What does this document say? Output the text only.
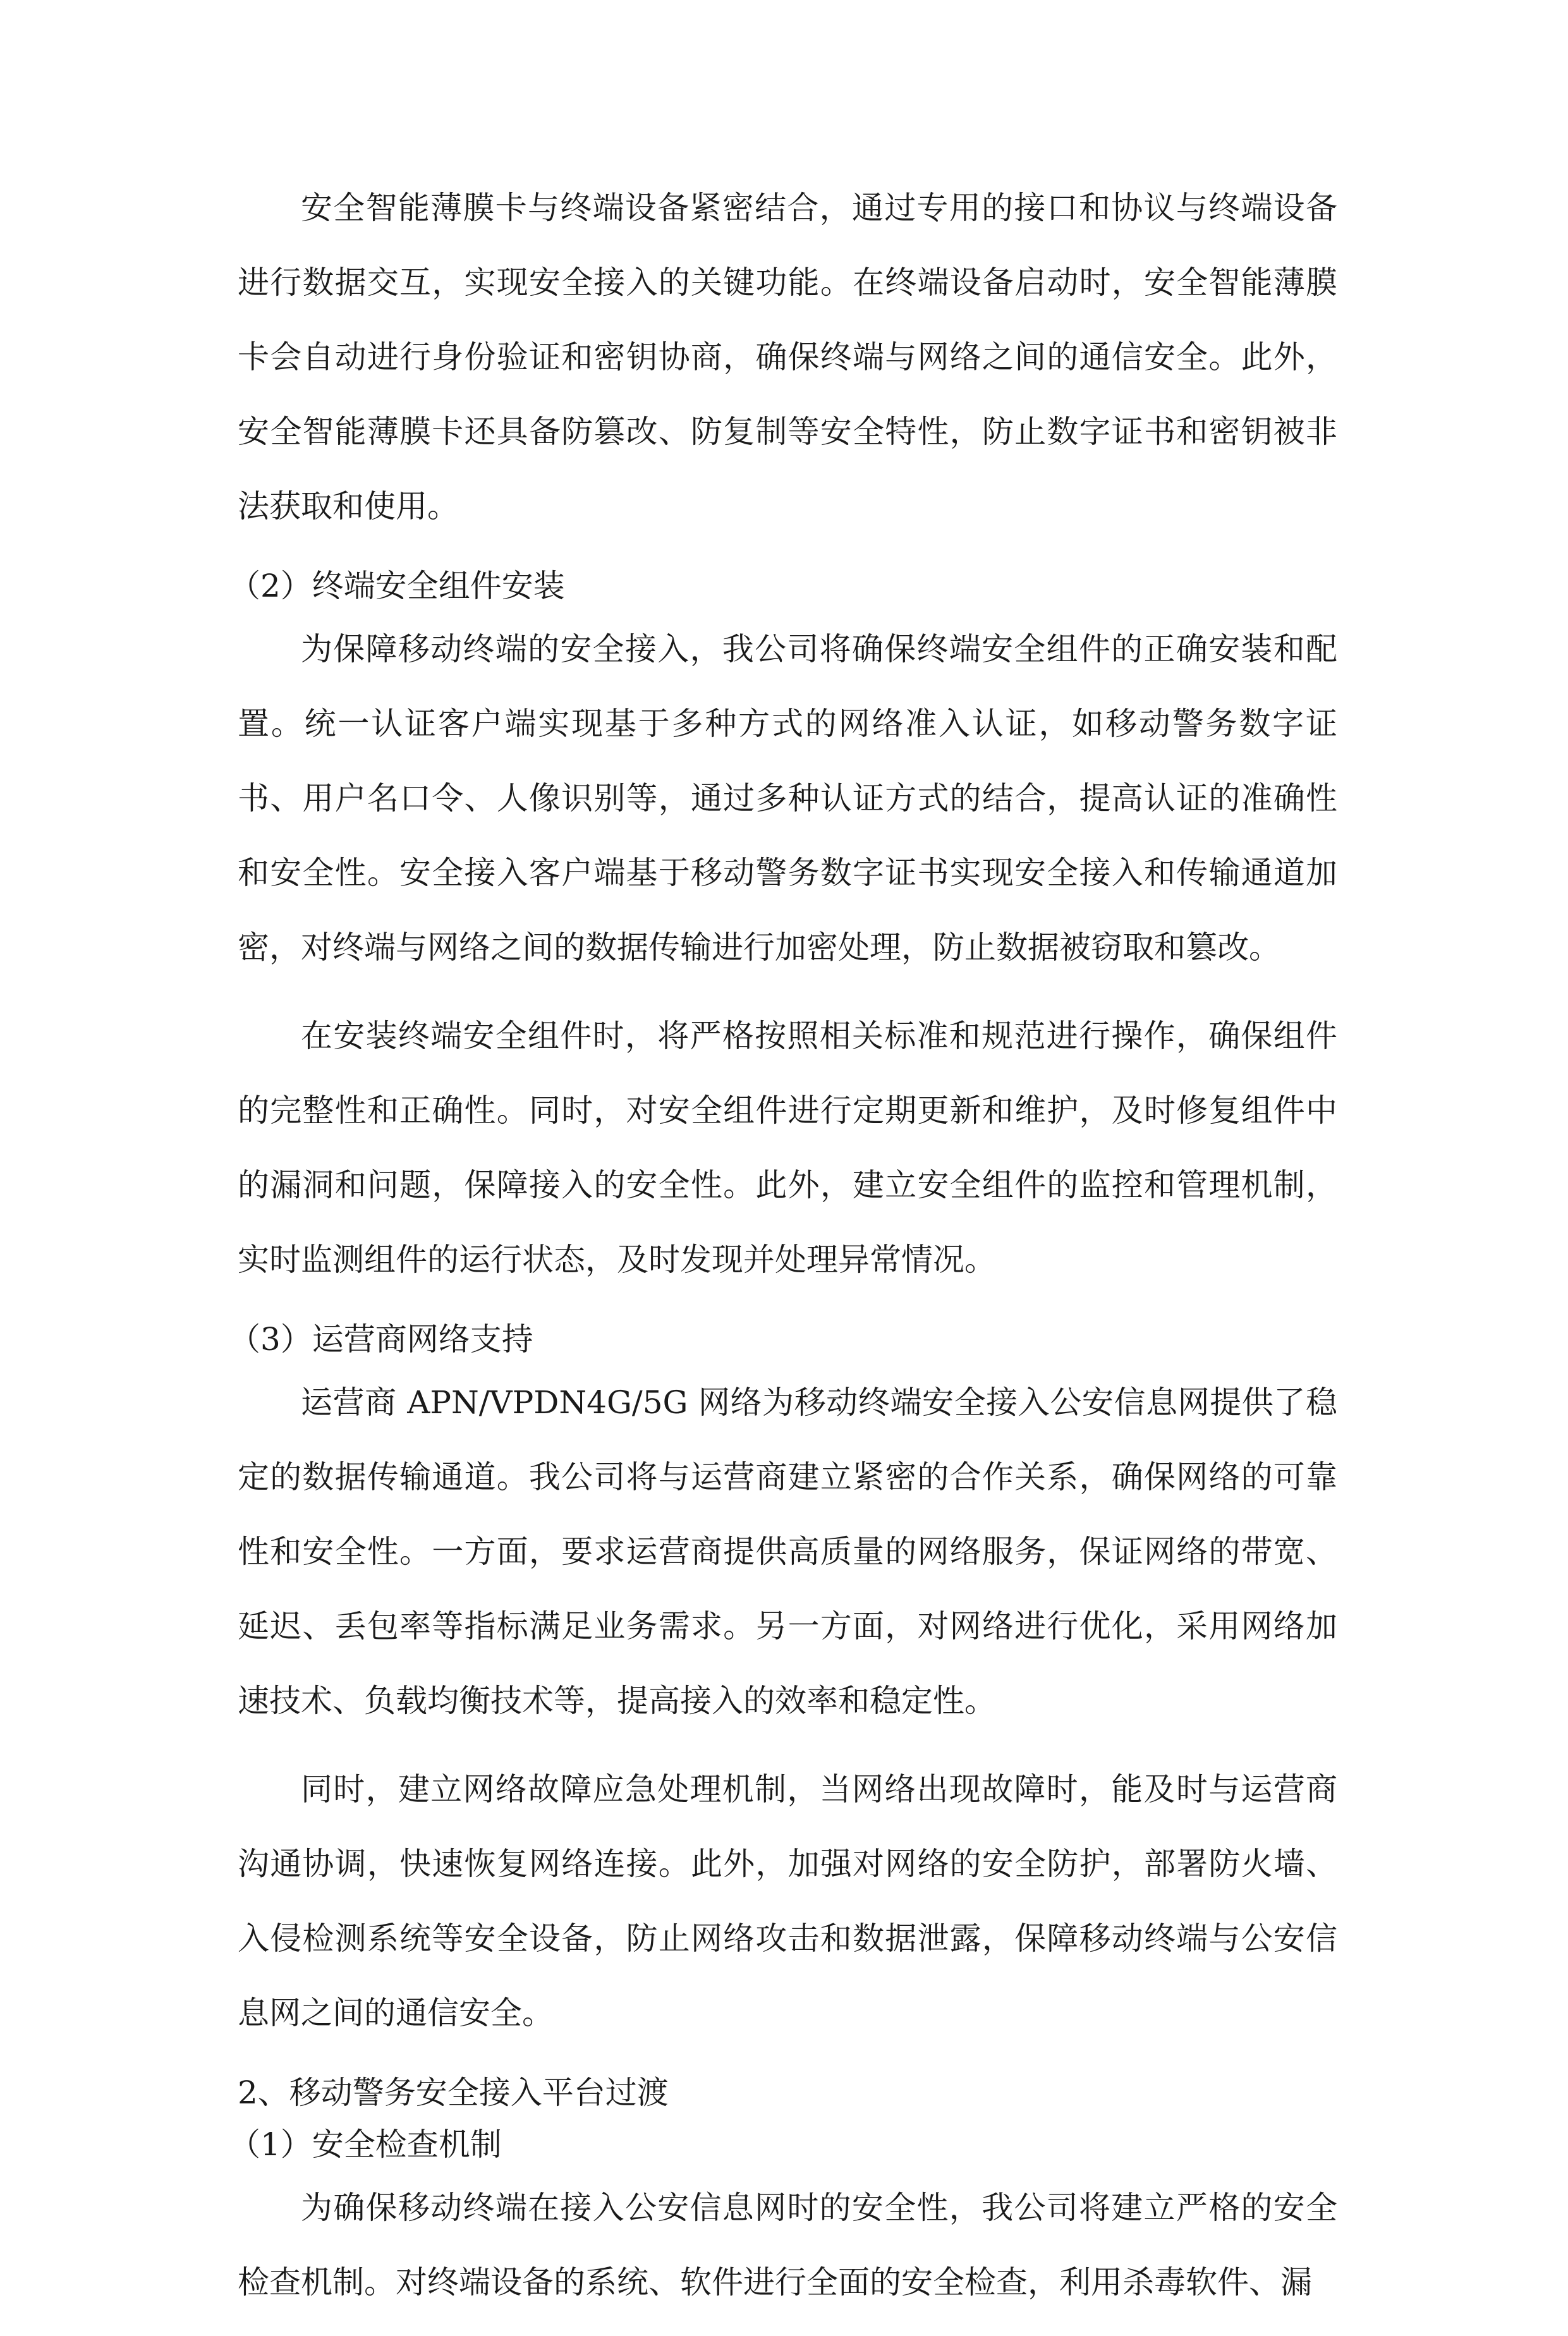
安全智能薄膜卡与终端设备紧密结合，通过专用的接口和协议与终端设备进行数据交互，实现安全接入的关键功能。在终端设备启动时，安全智能薄膜卡会自动进行身份验证和密钥协商，确保终端与网络之间的通信安全。此外，安全智能薄膜卡还具备防篡改、防复制等安全特性，防止数字证书和密钥被非法获取和使用。

（2）终端安全组件安装

为保障移动终端的安全接入，我公司将确保终端安全组件的正确安装和配置。统一认证客户端实现基于多种方式的网络准入认证，如移动警务数字证书、用户名口令、人像识别等，通过多种认证方式的结合，提高认证的准确性和安全性。安全接入客户端基于移动警务数字证书实现安全接入和传输通道加密，对终端与网络之间的数据传输进行加密处理，防止数据被窃取和篡改。

在安装终端安全组件时，将严格按照相关标准和规范进行操作，确保组件的完整性和正确性。同时，对安全组件进行定期更新和维护，及时修复组件中的漏洞和问题，保障接入的安全性。此外，建立安全组件的监控和管理机制，实时监测组件的运行状态，及时发现并处理异常情况。

（3）运营商网络支持

运营商 APN/VPDN4G/5G 网络为移动终端安全接入公安信息网提供了稳定的数据传输通道。我公司将与运营商建立紧密的合作关系，确保网络的可靠性和安全性。一方面，要求运营商提供高质量的网络服务，保证网络的带宽、延迟、丢包率等指标满足业务需求。另一方面，对网络进行优化，采用网络加速技术、负载均衡技术等，提高接入的效率和稳定性。

同时，建立网络故障应急处理机制，当网络出现故障时，能及时与运营商沟通协调，快速恢复网络连接。此外，加强对网络的安全防护，部署防火墙、入侵检测系统等安全设备，防止网络攻击和数据泄露，保障移动终端与公安信息网之间的通信安全。

2、移动警务安全接入平台过渡

（1）安全检查机制

为确保移动终端在接入公安信息网时的安全性，我公司将建立严格的安全检查机制。对终端设备的系统、软件进行全面的安全检查，利用杀毒软件、漏
